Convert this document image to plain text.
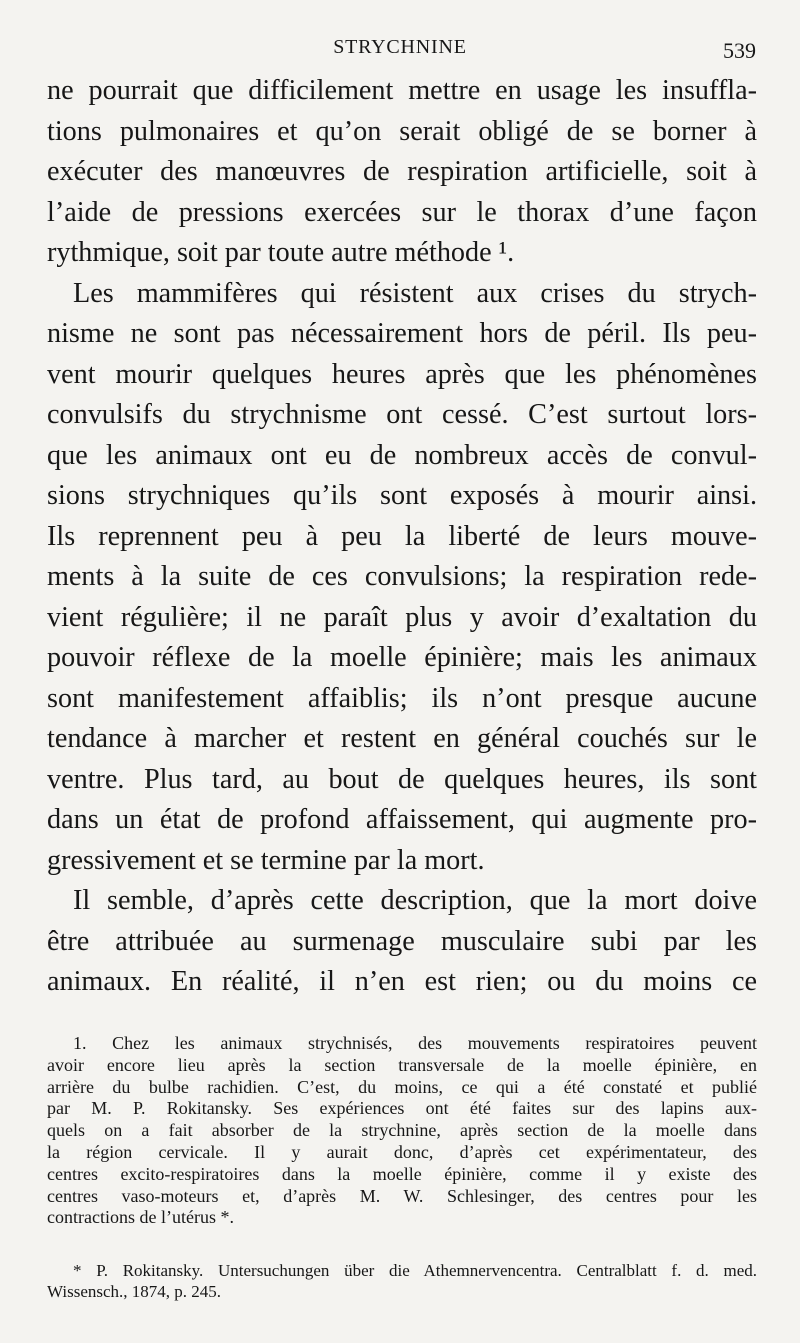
STRYCHNINE	539
ne pourrait que difficilement mettre en usage les insuffla-
tions pulmonaires et qu’on serait obligé de se borner à
exécuter des manœuvres de respiration artificielle, soit à
l’aide de pressions exercées sur le thorax d’une façon
rythmique, soit par toute autre méthode ¹.
Les mammifères qui résistent aux crises du strych-
nisme ne sont pas nécessairement hors de péril. Ils peu-
vent mourir quelques heures après que les phénomènes
convulsifs du strychnisme ont cessé. C’est surtout lors-
que les animaux ont eu de nombreux accès de convul-
sions strychniques qu’ils sont exposés à mourir ainsi.
Ils reprennent peu à peu la liberté de leurs mouve-
ments à la suite de ces convulsions; la respiration rede-
vient régulière; il ne paraît plus y avoir d’exaltation du
pouvoir réflexe de la moelle épinière; mais les animaux
sont manifestement affaiblis; ils n’ont presque aucune
tendance à marcher et restent en général couchés sur le
ventre. Plus tard, au bout de quelques heures, ils sont
dans un état de profond affaissement, qui augmente pro-
gressivement et se termine par la mort.
Il semble, d’après cette description, que la mort doive
être attribuée au surmenage musculaire subi par les
animaux. En réalité, il n’en est rien; ou du moins ce
1. Chez les animaux strychnisés, des mouvements respiratoires peuvent
avoir encore lieu après la section transversale de la moelle épinière, en
arrière du bulbe rachidien. C’est, du moins, ce qui a été constaté et publié
par M. P. Rokitansky. Ses expériences ont été faites sur des lapins aux-
quels on a fait absorber de la strychnine, après section de la moelle dans
la région cervicale. Il y aurait donc, d’après cet expérimentateur, des
centres excito-respiratoires dans la moelle épinière, comme il y existe des
centres vaso-moteurs et, d’après M. W. Schlesinger, des centres pour les
contractions de l’utérus *.
* P. Rokitansky. Untersuchungen über die Athemnervencentra. Centralblatt f. d. med.
Wissensch., 1874, p. 245.
